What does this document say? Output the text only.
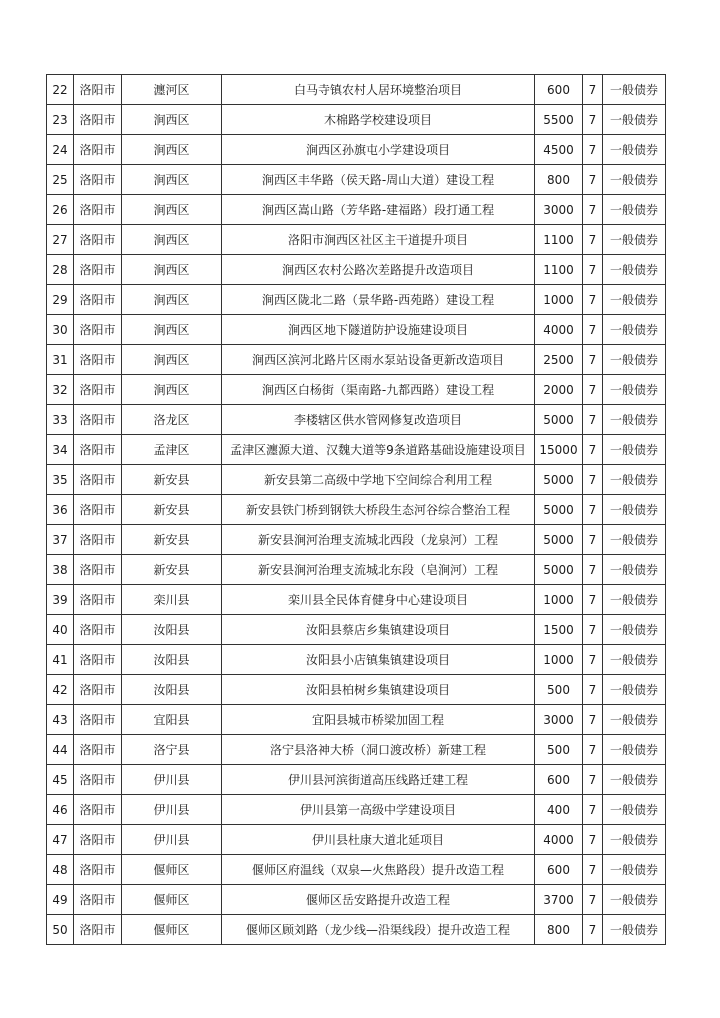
22	洛阳市	瀍河区	白马寺镇农村人居环境整治项目	600	7	一般债券
23	洛阳市	涧西区	木棉路学校建设项目	5500	7	一般债券
24	洛阳市	涧西区	涧西区孙旗屯小学建设项目	4500	7	一般债券
25	洛阳市	涧西区	涧西区丰华路（侯天路-周山大道）建设工程	800	7	一般债券
26	洛阳市	涧西区	涧西区嵩山路（芳华路-建福路）段打通工程	3000	7	一般债券
27	洛阳市	涧西区	洛阳市涧西区社区主干道提升项目	1100	7	一般债券
28	洛阳市	涧西区	涧西区农村公路次差路提升改造项目	1100	7	一般债券
29	洛阳市	涧西区	涧西区陇北二路（景华路-西苑路）建设工程	1000	7	一般债券
30	洛阳市	涧西区	涧西区地下隧道防护设施建设项目	4000	7	一般债券
31	洛阳市	涧西区	涧西区滨河北路片区雨水泵站设备更新改造项目	2500	7	一般债券
32	洛阳市	涧西区	涧西区白杨街（渠南路-九都西路）建设工程	2000	7	一般债券
33	洛阳市	洛龙区	李楼辖区供水管网修复改造项目	5000	7	一般债券
34	洛阳市	孟津区	孟津区瀍源大道、汉魏大道等9条道路基础设施建设项目	15000	7	一般债券
35	洛阳市	新安县	新安县第二高级中学地下空间综合利用工程	5000	7	一般债券
36	洛阳市	新安县	新安县铁门桥到钢铁大桥段生态河谷综合整治工程	5000	7	一般债券
37	洛阳市	新安县	新安县涧河治理支流城北西段（龙泉河）工程	5000	7	一般债券
38	洛阳市	新安县	新安县涧河治理支流城北东段（皂涧河）工程	5000	7	一般债券
39	洛阳市	栾川县	栾川县全民体育健身中心建设项目	1000	7	一般债券
40	洛阳市	汝阳县	汝阳县蔡店乡集镇建设项目	1500	7	一般债券
41	洛阳市	汝阳县	汝阳县小店镇集镇建设项目	1000	7	一般债券
42	洛阳市	汝阳县	汝阳县柏树乡集镇建设项目	500	7	一般债券
43	洛阳市	宜阳县	宜阳县城市桥梁加固工程	3000	7	一般债券
44	洛阳市	洛宁县	洛宁县洛神大桥（洞口渡改桥）新建工程	500	7	一般债券
45	洛阳市	伊川县	伊川县河滨街道高压线路迁建工程	600	7	一般债券
46	洛阳市	伊川县	伊川县第一高级中学建设项目	400	7	一般债券
47	洛阳市	伊川县	伊川县杜康大道北延项目	4000	7	一般债券
48	洛阳市	偃师区	偃师区府温线（双泉—火焦路段）提升改造工程	600	7	一般债券
49	洛阳市	偃师区	偃师区岳安路提升改造工程	3700	7	一般债券
50	洛阳市	偃师区	偃师区顾刘路（龙少线—沿渠线段）提升改造工程	800	7	一般债券
